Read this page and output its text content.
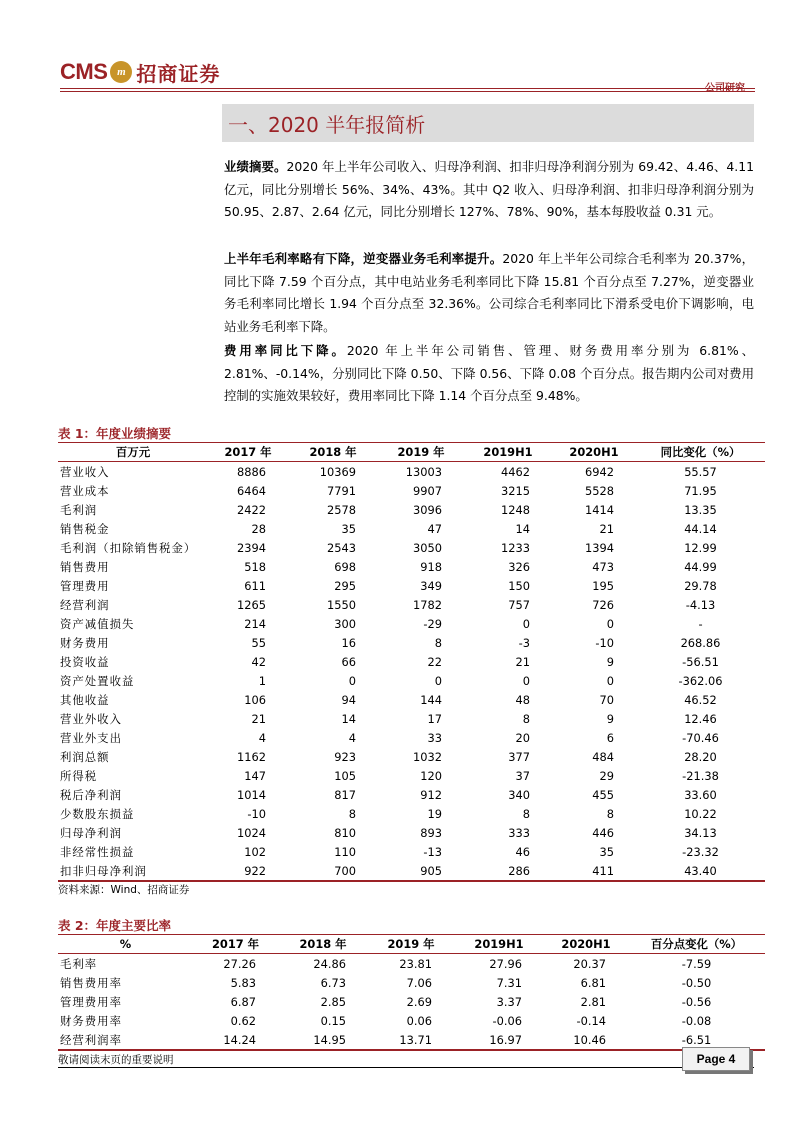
CMS m 招商证券
一、2020 半年报简析
业绩摘要。2020 年上半年公司收入、归母净利润、扣非归母净利润分别为 69.42、4.46、4.11 亿元，同比分别增长 56%、34%、43%。其中 Q2 收入、归母净利润、扣非归母净利润分别为 50.95、2.87、2.64 亿元，同比分别增长 127%、78%、90%，基本每股收益 0.31 元。
上半年毛利率略有下降，逆变器业务毛利率提升。2020 年上半年公司综合毛利率为 20.37%，同比下降 7.59 个百分点，其中电站业务毛利率同比下降 15.81 个百分点至 7.27%，逆变器业务毛利率同比增长 1.94 个百分点至 32.36%。公司综合毛利率同比下滑系受电价下调影响，电站业务毛利率下降。
费用率同比下降。2020 年上半年公司销售、管理、财务费用率分别为 6.81%、2.81%、-0.14%，分别同比下降 0.50、下降 0.56、下降 0.08 个百分点。报告期内公司对费用控制的实施效果较好，费用率同比下降 1.14 个百分点至 9.48%。
表 1：年度业绩摘要
百万元	2017 年	2018 年	2019 年	2019H1	2020H1	同比变化（%）
营业收入	8886	10369	13003	4462	6942	55.57
营业成本	6464	7791	9907	3215	5528	71.95
毛利润	2422	2578	3096	1248	1414	13.35
销售税金	28	35	47	14	21	44.14
毛利润（扣除销售税金）	2394	2543	3050	1233	1394	12.99
销售费用	518	698	918	326	473	44.99
管理费用	611	295	349	150	195	29.78
经营利润	1265	1550	1782	757	726	-4.13
资产减值损失	214	300	-29	0	0	-
财务费用	55	16	8	-3	-10	268.86
投资收益	42	66	22	21	9	-56.51
资产处置收益	1	0	0	0	0	-362.06
其他收益	106	94	144	48	70	46.52
营业外收入	21	14	17	8	9	12.46
营业外支出	4	4	33	20	6	-70.46
利润总额	1162	923	1032	377	484	28.20
所得税	147	105	120	37	29	-21.38
税后净利润	1014	817	912	340	455	33.60
少数股东损益	-10	8	19	8	8	10.22
归母净利润	1024	810	893	333	446	34.13
非经常性损益	102	110	-13	46	35	-23.32
扣非归母净利润	922	700	905	286	411	43.40
资料来源：Wind、招商证券
表 2：年度主要比率
%	2017 年	2018 年	2019 年	2019H1	2020H1	百分点变化（%）
毛利率	27.26	24.86	23.81	27.96	20.37	-7.59
销售费用率	5.83	6.73	7.06	7.31	6.81	-0.50
管理费用率	6.87	2.85	2.69	3.37	2.81	-0.56
财务费用率	0.62	0.15	0.06	-0.06	-0.14	-0.08
经营利润率	14.24	14.95	13.71	16.97	10.46	-6.51
敬请阅读末页的重要说明	Page 4
